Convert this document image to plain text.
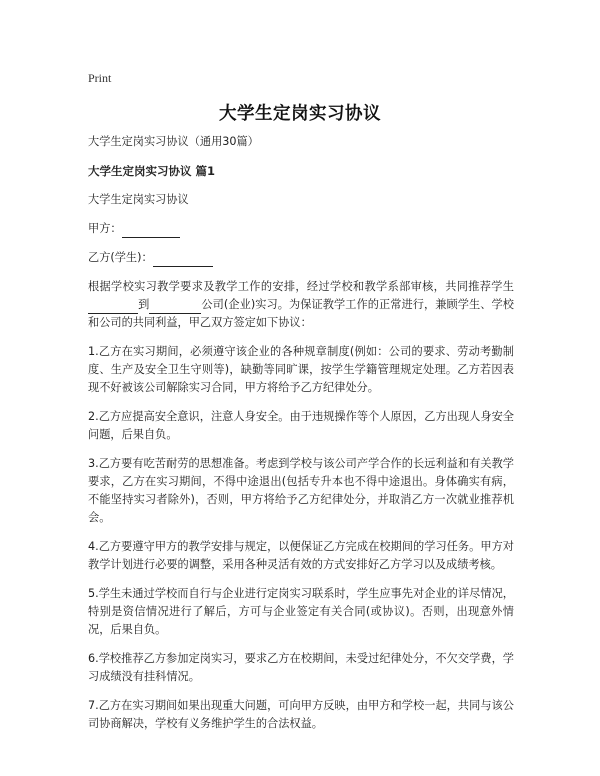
Print
大学生定岗实习协议

大学生定岗实习协议（通用30篇）

大学生定岗实习协议 篇1

大学生定岗实习协议

甲方：

乙方(学生)：

根据学校实习教学要求及教学工作的安排，经过学校和教学系部审核，共同推荐学生到	公司(企业)实习。为保证教学工作的正常进行，兼顾学生、学校和公司的共同利益，甲乙双方签定如下协议：

1.乙方在实习期间，必须遵守该企业的各种规章制度(例如：公司的要求、劳动考勤制度、生产及安全卫生守则等)，缺勤等同旷课，按学生学籍管理规定处理。乙方若因表现不好被该公司解除实习合同，甲方将给予乙方纪律处分。

2.乙方应提高安全意识，注意人身安全。由于违规操作等个人原因，乙方出现人身安全问题，后果自负。

3.乙方要有吃苦耐劳的思想准备。考虑到学校与该公司产学合作的长远利益和有关教学要求，乙方在实习期间，不得中途退出(包括专升本也不得中途退出。身体确实有病，不能坚持实习者除外)，否则，甲方将给予乙方纪律处分，并取消乙方一次就业推荐机会。

4.乙方要遵守甲方的教学安排与规定，以便保证乙方完成在校期间的学习任务。甲方对教学计划进行必要的调整，采用各种灵活有效的方式安排好乙方学习以及成绩考核。

5.学生未通过学校而自行与企业进行定岗实习联系时，学生应事先对企业的详尽情况，特别是资信情况进行了解后，方可与企业签定有关合同(或协议)。否则，出现意外情况，后果自负。

6.学校推荐乙方参加定岗实习，要求乙方在校期间，未受过纪律处分，不欠交学费，学习成绩没有挂科情况。

7.乙方在实习期间如果出现重大问题，可向甲方反映，由甲方和学校一起，共同与该公司协商解决，学校有义务维护学生的合法权益。
